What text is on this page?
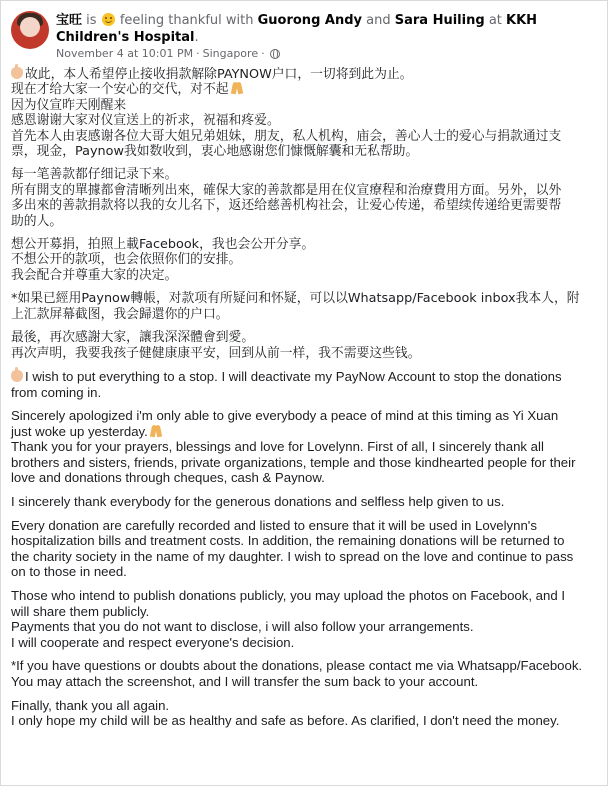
宝旺 is feeling thankful with Guorong Andy and Sara Huiling at KKH Children's Hospital.
November 4 at 10:01 PM · Singapore ·

故此，本人希望停止接收捐款解除PAYNOW户口，一切将到此为止。

现在才给大家一个安心的交代，对不起

因为仪宣昨天刚醒来

感恩谢谢大家对仪宣送上的祈求，祝福和疼爱。

首先本人由衷感谢各位大哥大姐兄弟姐妹，朋友，私人机构，庙会，善心人士的爱心与捐款通过支

票，现金，Paynow我如数收到，衷心地感谢您们慷慨解囊和无私帮助。

每一笔善款都仔细记录下来。

所有開支的單據都會清晰列出來，確保大家的善款都是用在仪宣療程和治療費用方面。另外，以外

多出來的善款捐款将以我的女儿名下，返还给慈善机构社会，让爱心传递，希望续传递给更需要帮

助的人。

想公开募捐，拍照上載Facebook，我也会公开分享。

不想公开的款项，也会依照你们的安排。

我会配合并尊重大家的决定。

*如果已經用Paynow轉帳，对款项有所疑问和怀疑，可以以Whatsapp/Facebook inbox我本人，附

上汇款屏幕截图，我会歸還你的户口。

最後，再次感謝大家，讓我深深體會到愛。

再次声明，我要我孩子健健康康平安，回到从前一样，我不需要这些钱。

I wish to put everything to a stop. I will deactivate my PayNow Account to stop the donations

from coming in.

Sincerely apologized i'm only able to give everybody a peace of mind at this timing as Yi Xuan

just woke up yesterday.

Thank you for your prayers, blessings and love for Lovelynn. First of all, I sincerely thank all

brothers and sisters, friends, private organizations, temple and those kindhearted people for their

love and donations through cheques, cash & Paynow.

I sincerely thank everybody for the generous donations and selfless help given to us.

Every donation are carefully recorded and listed to ensure that it will be used in Lovelynn's

hospitalization bills and treatment costs. In addition, the remaining donations will be returned to

the charity society in the name of my daughter. I wish to spread on the love and continue to pass

on to those in need.

Those who intend to publish donations publicly, you may upload the photos on Facebook, and I

will share them publicly.

Payments that you do not want to disclose, i will also follow your arrangements.

I will cooperate and respect everyone's decision.

*If you have questions or doubts about the donations, please contact me via Whatsapp/Facebook.

You may attach the screenshot, and I will transfer the sum back to your account.

Finally, thank you all again.

I only hope my child will be as healthy and safe as before. As clarified, I don't need the money.
